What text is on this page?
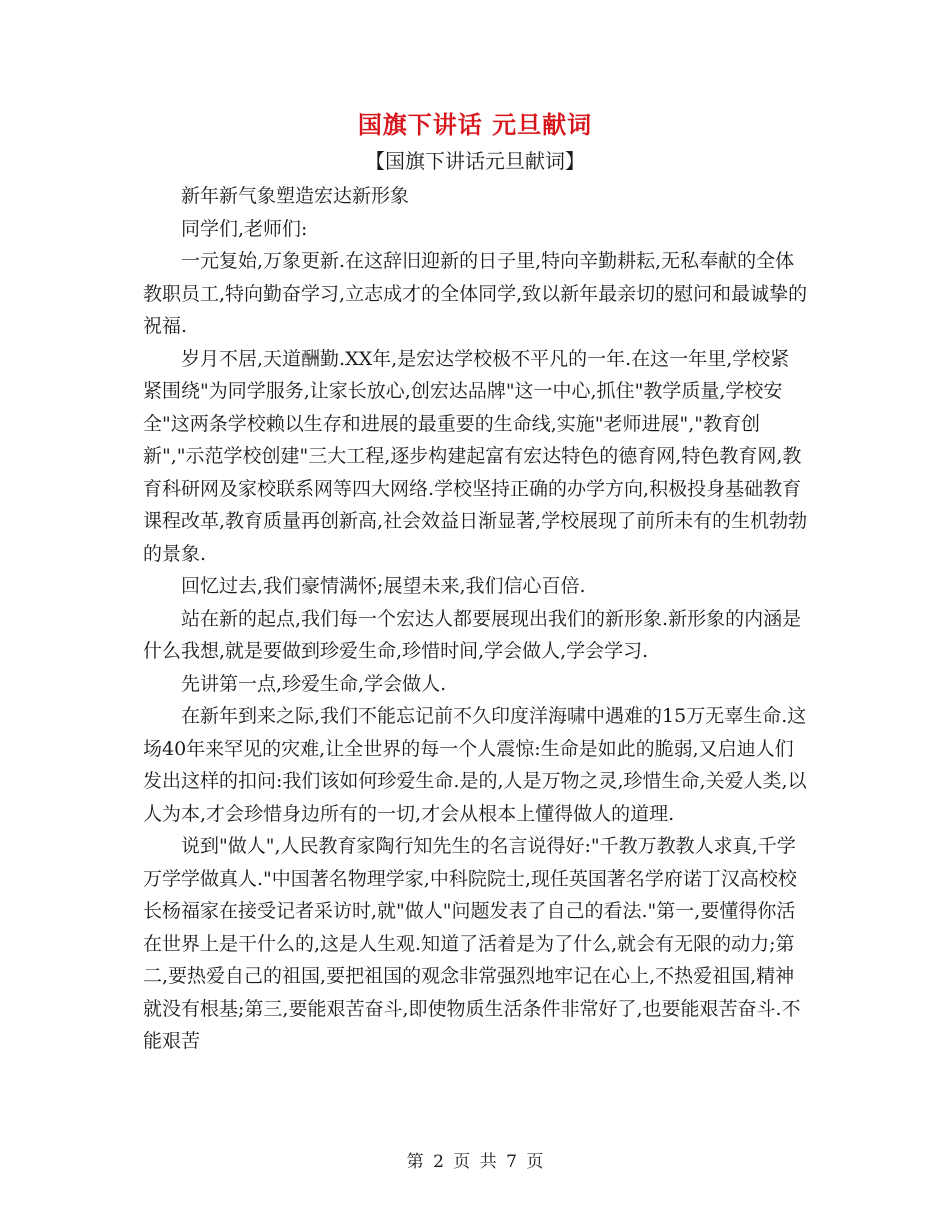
国旗下讲话 元旦献词
【国旗下讲话元旦献词】

新年新气象塑造宏达新形象

同学们,老师们:

一元复始,万象更新.在这辞旧迎新的日子里,特向辛勤耕耘,无私奉献的全体教职员工,特向勤奋学习,立志成才的全体同学,致以新年最亲切的慰问和最诚挚的祝福.

岁月不居,天道酬勤.XX年,是宏达学校极不平凡的一年.在这一年里,学校紧紧围绕"为同学服务,让家长放心,创宏达品牌"这一中心,抓住"教学质量,学校安全"这两条学校赖以生存和进展的最重要的生命线,实施"老师进展","教育创新","示范学校创建"三大工程,逐步构建起富有宏达特色的德育网,特色教育网,教育科研网及家校联系网等四大网络.学校坚持正确的办学方向,积极投身基础教育课程改革,教育质量再创新高,社会效益日渐显著,学校展现了前所未有的生机勃勃的景象.

回忆过去,我们豪情满怀;展望未来,我们信心百倍.

站在新的起点,我们每一个宏达人都要展现出我们的新形象.新形象的内涵是什么我想,就是要做到珍爱生命,珍惜时间,学会做人,学会学习.

先讲第一点,珍爱生命,学会做人.

在新年到来之际,我们不能忘记前不久印度洋海啸中遇难的15万无辜生命.这场40年来罕见的灾难,让全世界的每一个人震惊:生命是如此的脆弱,又启迪人们发出这样的扣问:我们该如何珍爱生命.是的,人是万物之灵,珍惜生命,关爱人类,以人为本,才会珍惜身边所有的一切,才会从根本上懂得做人的道理.

说到"做人",人民教育家陶行知先生的名言说得好:"千教万教教人求真,千学万学学做真人."中国著名物理学家,中科院院士,现任英国著名学府诺丁汉高校校长杨福家在接受记者采访时,就"做人"问题发表了自己的看法."第一,要懂得你活在世界上是干什么的,这是人生观.知道了活着是为了什么,就会有无限的动力;第二,要热爱自己的祖国,要把祖国的观念非常强烈地牢记在心上,不热爱祖国,精神就没有根基;第三,要能艰苦奋斗,即使物质生活条件非常好了,也要能艰苦奋斗.不能艰苦

第 2 页 共 7 页
